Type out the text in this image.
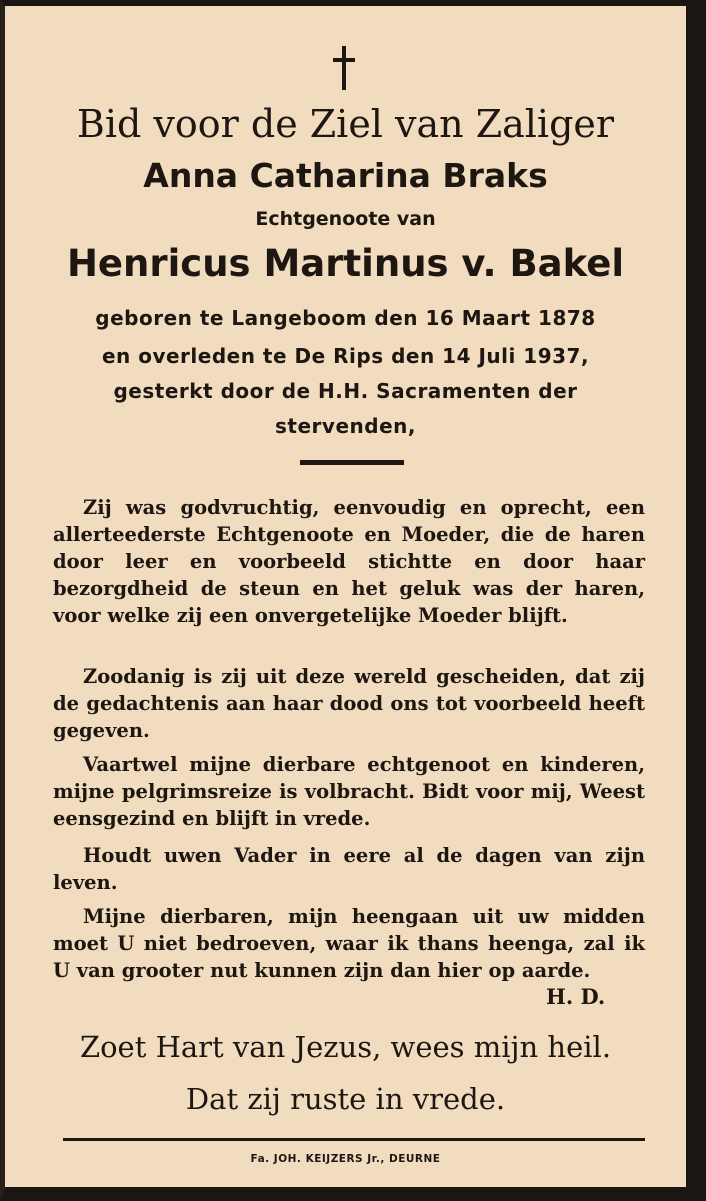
Bid voor de Ziel van Zaliger
Anna Catharina Braks
Echtgenoote van
Henricus Martinus v. Bakel
geboren te Langeboom den 16 Maart 1878
en overleden te De Rips den 14 Juli 1937,
gesterkt door de H.H. Sacramenten der
stervenden,

Zij was godvruchtig, eenvoudig en oprecht, een allerteederste Echtgenoote en Moeder, die de haren door leer en voorbeeld stichtte en door haar bezorgdheid de steun en het geluk was der haren, voor welke zij een onvergetelijke Moeder blijft.

Zoodanig is zij uit deze wereld gescheiden, dat zij de gedachtenis aan haar dood ons tot voorbeeld heeft gegeven.

Vaartwel mijne dierbare echtgenoot en kinderen, mijne pelgrimsreize is volbracht. Bidt voor mij, Weest eensgezind en blijft in vrede.

Houdt uwen Vader in eere al de dagen van zijn leven.

Mijne dierbaren, mijn heengaan uit uw midden moet U niet bedroeven, waar ik thans heenga, zal ik U van grooter nut kunnen zijn dan hier op aarde.

H. D.
Zoet Hart van Jezus, wees mijn heil.
Dat zij ruste in vrede.
Fa. JOH. KEIJZERS Jr., DEURNE
